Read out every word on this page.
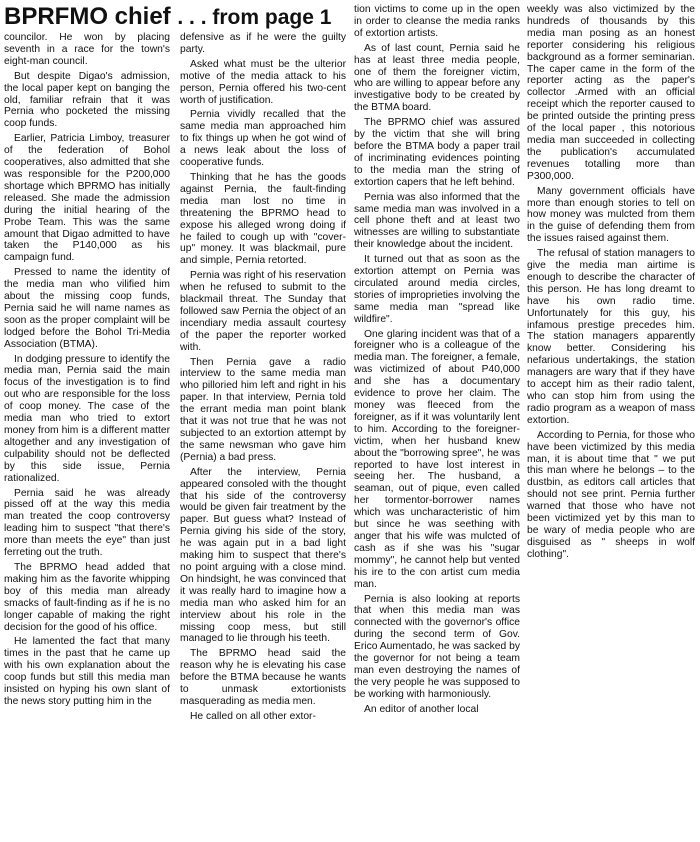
BPRFMO chief . . . from page 1

councilor. He won by placing seventh in a race for the town's eight-man council.

But despite Digao's admission, the local paper kept on banging the old, familiar refrain that it was Pernia who pocketed the missing coop funds.

Earlier, Patricia Limboy, treasurer of the federation of Bohol cooperatives, also admitted that she was responsible for the P200,000 shortage which BPRMO has initially released. She made the admission during the initial hearing of the Probe Team. This was the same amount that Digao admitted to have taken the P140,000 as his campaign fund.

Pressed to name the identity of the media man who vilified him about the missing coop funds, Pernia said he will name names as soon as the proper complaint will be lodged before the Bohol Tri-Media Association (BTMA).

In dodging pressure to identify the media man, Pernia said the main focus of the investigation is to find out who are responsible for the loss of coop money. The case of the media man who tried to extort money from him is a different matter altogether and any investigation of culpability should not be deflected by this side issue, Pernia rationalized.

Pernia said he was already pissed off at the way this media man treated the coop controversy leading him to suspect "that there's more than meets the eye" than just ferreting out the truth.

The BPRMO head added that making him as the favorite whipping boy of this media man already smacks of fault-finding as if he is no longer capable of making the right decision for the good of his office.

He lamented the fact that many times in the past that he came up with his own explanation about the coop funds but still this media man insisted on hyping his own slant of the news story putting him in the

defensive as if he were the guilty party.

Asked what must be the ulterior motive of the media attack to his person, Pernia offered his two-cent worth of justification.

Pernia vividly recalled that the same media man approached him to fix things up when he got wind of a news leak about the loss of cooperative funds.

Thinking that he has the goods against Pernia, the fault-finding media man lost no time in threatening the BPRMO head to expose his alleged wrong doing if he failed to cough up with "cover-up" money. It was blackmail, pure and simple, Pernia retorted.

Pernia was right of his reservation when he refused to submit to the blackmail threat. The Sunday that followed saw Pernia the object of an incendiary media assault courtesy of the paper the reporter worked with.

Then Pernia gave a radio interview to the same media man who pilloried him left and right in his paper. In that interview, Pernia told the errant media man point blank that it was not true that he was not subjected to an extortion attempt by the same newsman who gave him (Pernia) a bad press.

After the interview, Pernia appeared consoled with the thought that his side of the controversy would be given fair treatment by the paper. But guess what? Instead of Pernia giving his side of the story, he was again put in a bad light making him to suspect that there's no point arguing with a close mind. On hindsight, he was convinced that it was really hard to imagine how a media man who asked him for an interview about his role in the missing coop mess, but still managed to lie through his teeth.

The BPRMO head said the reason why he is elevating his case before the BTMA because he wants to unmask extortionists masquerading as media men.

He called on all other extor-

tion victims to come up in the open in order to cleanse the media ranks of extortion artists.

As of last count, Pernia said he has at least three media people, one of them the foreigner victim, who are willing to appear before any investigative body to be created by the BTMA board.

The BPRMO chief was assured by the victim that she will bring before the BTMA body a paper trail of incriminating evidences pointing to the media man the string of extortion capers that he left behind.

Pernia was also informed that the same media man was involved in a cell phone theft and at least two witnesses are willing to substantiate their knowledge about the incident.

It turned out that as soon as the extortion attempt on Pernia was circulated around media circles, stories of improprieties involving the same media man "spread like wildfire".

One glaring incident was that of a foreigner who is a colleague of the media man. The foreigner, a female, was victimized of about P40,000 and she has a documentary evidence to prove her claim. The money was fleeced from the foreigner, as if it was voluntarily lent to him. According to the foreigner-victim, when her husband knew about the "borrowing spree", he was reported to have lost interest in seeing her. The husband, a seaman, out of pique, even called her tormentor-borrower names which was uncharacteristic of him but since he was seething with anger that his wife was mulcted of cash as if she was his "sugar mommy", he cannot help but vented his ire to the con artist cum media man.

Pernia is also looking at reports that when this media man was connected with the governor's office during the second term of Gov. Erico Aumentado, he was sacked by the governor for not being a team man even destroying the names of the very people he was supposed to be working with harmoniously.

An editor of another local

weekly was also victimized by the hundreds of thousands by this media man posing as an honest reporter considering his religious background as a former seminarian. The caper came in the form of the reporter acting as the paper's collector .Armed with an official receipt which the reporter caused to be printed outside the printing press of the local paper , this notorious media man succeeded in collecting the publication's accumulated revenues totalling more than P300,000.

Many government officials have more than enough stories to tell on how money was mulcted from them in the guise of defending them from the issues raised against them.

The refusal of station managers to give the media man airtime is enough to describe the character of this person. He has long dreamt to have his own radio time. Unfortunately for this guy, his infamous prestige precedes him. The station managers apparently know better. Considering his nefarious undertakings, the station managers are wary that if they have to accept him as their radio talent, who can stop him from using the radio program as a weapon of mass extortion.

According to Pernia, for those who have been victimized by this media man, it is about time that " we put this man where he belongs – to the dustbin, as editors call articles that should not see print. Pernia further warned that those who have not been victimized yet by this man to be wary of media people who are disguised as " sheeps in wolf clothing".
